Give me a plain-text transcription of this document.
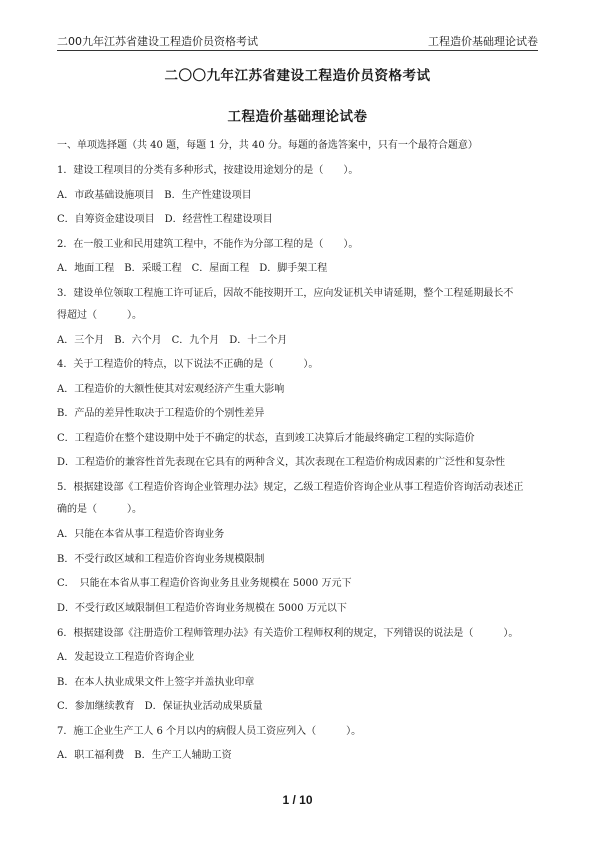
二00九年江苏省建设工程造价员资格考试	工程造价基础理论试卷
二〇〇九年江苏省建设工程造价员资格考试
工程造价基础理论试卷
一、单项选择题（共 40 题，每题 1 分，共 40 分。每题的备选答案中，只有一个最符合题意）
1．建设工程项目的分类有多种形式，按建设用途划分的是（　　）。
A．市政基础设施项目　B．生产性建设项目
C．自筹资金建设项目　D．经营性工程建设项目
2．在一般工业和民用建筑工程中，不能作为分部工程的是（　　）。
A．地面工程　B．采暖工程　C．屋面工程　D．脚手架工程
3．建设单位领取工程施工许可证后，因故不能按期开工，应向发证机关申请延期，整个工程延期最长不
得超过（　　　）。
A．三个月　B．六个月　C．九个月　D．十二个月
4．关于工程造价的特点，以下说法不正确的是（　　　）。
A．工程造价的大额性使其对宏观经济产生重大影响
B．产品的差异性取决于工程造价的个别性差异
C．工程造价在整个建设期中处于不确定的状态，直到竣工决算后才能最终确定工程的实际造价
D．工程造价的兼容性首先表现在它具有的两种含义，其次表现在工程造价构成因素的广泛性和复杂性
5．根据建设部《工程造价咨询企业管理办法》规定，乙级工程造价咨询企业从事工程造价咨询活动表述正
确的是（　　　）。
A．只能在本省从事工程造价咨询业务
B．不受行政区域和工程造价咨询业务规模限制
C．　只能在本省从事工程造价咨询业务且业务规模在 5000 万元下
D．不受行政区域限制但工程造价咨询业务规模在 5000 万元以下
6．根据建设部《注册造价工程师管理办法》有关造价工程师权利的规定，下列错误的说法是（　　　）。
A．发起设立工程造价咨询企业
B．在本人执业成果文件上签字并盖执业印章
C．参加继续教育　D．保证执业活动成果质量
7．施工企业生产工人 6 个月以内的病假人员工资应列入（　　　）。
A．职工福利费　B．生产工人辅助工资
1 / 10
